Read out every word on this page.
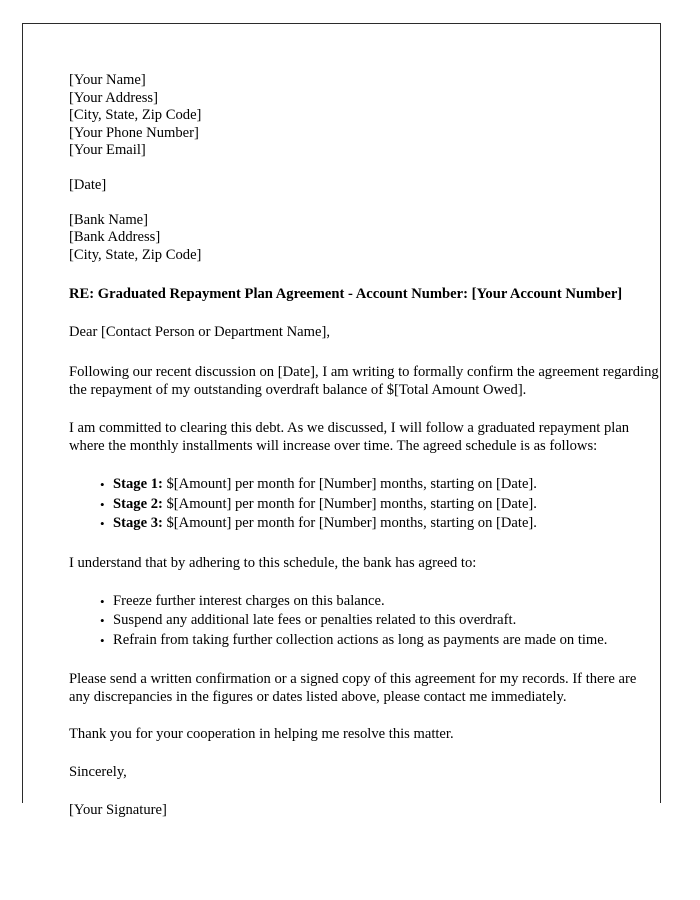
[Your Name]
[Your Address]
[City, State, Zip Code]
[Your Phone Number]
[Your Email]
[Date]
[Bank Name]
[Bank Address]
[City, State, Zip Code]
RE: Graduated Repayment Plan Agreement - Account Number: [Your Account Number]
Dear [Contact Person or Department Name],
Following our recent discussion on [Date], I am writing to formally confirm the agreement regarding the repayment of my outstanding overdraft balance of $[Total Amount Owed].
I am committed to clearing this debt. As we discussed, I will follow a graduated repayment plan where the monthly installments will increase over time. The agreed schedule is as follows:
• Stage 1: $[Amount] per month for [Number] months, starting on [Date].
• Stage 2: $[Amount] per month for [Number] months, starting on [Date].
• Stage 3: $[Amount] per month for [Number] months, starting on [Date].
I understand that by adhering to this schedule, the bank has agreed to:
• Freeze further interest charges on this balance.
• Suspend any additional late fees or penalties related to this overdraft.
• Refrain from taking further collection actions as long as payments are made on time.
Please send a written confirmation or a signed copy of this agreement for my records. If there are any discrepancies in the figures or dates listed above, please contact me immediately.
Thank you for your cooperation in helping me resolve this matter.
Sincerely,
[Your Signature]
